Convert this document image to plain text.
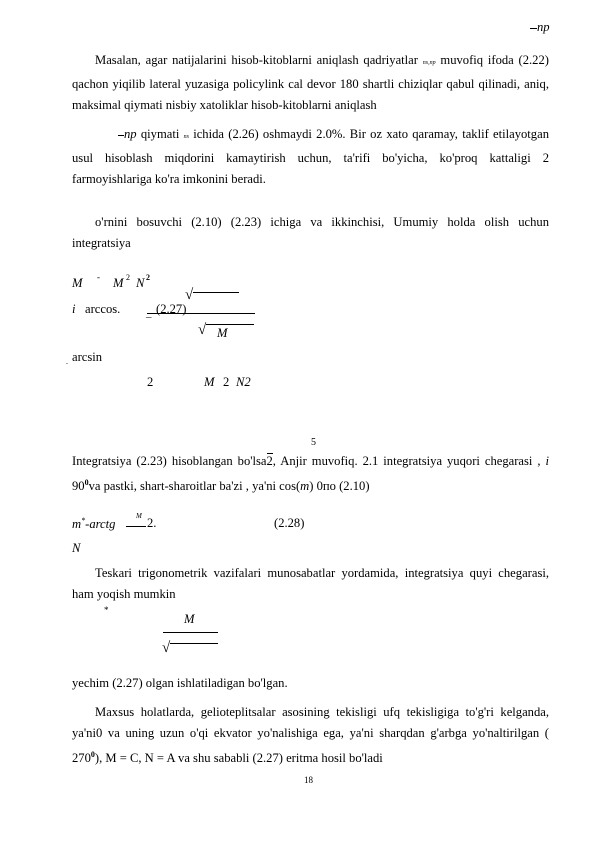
np
Masalan, agar natijalarini hisob-kitoblarni aniqlash qadriyatlar ns,np muvofiq ifoda (2.22) qachon yiqilib lateral yuzasiga policylink cal devor 180 shartli chiziqlar qabul qilinadi, aniq, maksimal qiymati nisbiy xatoliklar hisob-kitoblarni aniqlash
np qiymati ns ichida (2.26) oshmaydi 2.0%. Bir oz xato qaramay, taklif etilayotgan usul hisoblash miqdorini kamaytirish uchun, ta'rifi bo'yicha, ko'proq kattaligi 2 farmoyishlariga ko'ra imkonini beradi.
o'rnini bosuvchi (2.10) (2.23) ichiga va ikkinchisi, Umumiy holda olish uchun integratsiya
M - M 2 N 2
√
i arccos.	(2.27)
–
√ M
. arcsin
2	M 2 N2
5
Integratsiya (2.23) hisoblangan bo'lsa2, Anjir muvofiq. 2.1 integratsiya yuqori chegarasi , i $90^0va$ pastki, shart-sharoitlar ba'zi , ya'ni cos(m) 0по (2.10)
m*-arctg
M 2.	(2.28)
N
Teskari trigonometrik vazifalari munosabatlar yordamida, integratsiya quyi chegarasi, ham yoqish mumkin
*
M
√
yechim (2.27) olgan ishlatiladigan bo'lgan.
Maxsus holatlarda, gelioteplitsalar asosining tekisligi ufq tekisligiga to'g'ri kelganda, ya'ni0 va uning uzun o'qi ekvator yo'nalishiga ega, ya'ni sharqdan g'arbga yo'naltirilgan ( $270^0$), M = C, N = A va shu sababli (2.27) eritma hosil bo'ladi
18
